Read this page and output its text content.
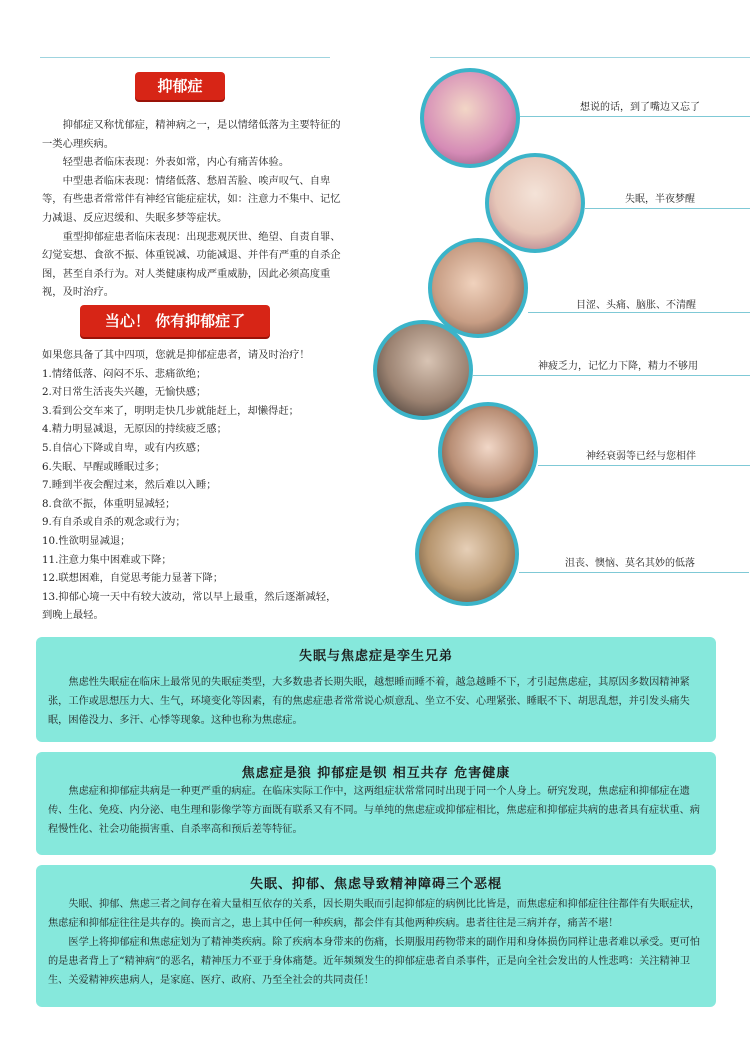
抑郁症

抑郁症又称忧郁症，精神病之一，是以情绪低落为主要特征的一类心理疾病。

轻型患者临床表现：外表如常，内心有痛苦体验。

中型患者临床表现：情绪低落、愁眉苦脸、唉声叹气、自卑等，有些患者常常伴有神经官能症症状，如：注意力不集中、记忆力减退、反应迟缓和、失眠多梦等症状。

重型抑郁症患者临床表现：出现悲观厌世、绝望、自责自罪、幻觉妄想、食欲不振、体重锐减、功能减退、并伴有严重的自杀企图，甚至自杀行为。对人类健康构成严重威胁，因此必须高度重视，及时治疗。

当心！ 你有抑郁症了

如果您具备了其中四项，您就是抑郁症患者，请及时治疗！

1.情绪低落、闷闷不乐、悲痛欲绝；

2.对日常生活丧失兴趣，无愉快感；

3.看到公交车来了，明明走快几步就能赶上，却懒得赶；

4.精力明显减退，无原因的持续疲乏感；

5.自信心下降或自卑，或有内疚感；

6.失眠、早醒或睡眠过多；

7.睡到半夜会醒过来，然后难以入睡；

8.食欲不振，体重明显减轻；

9.有自杀或自杀的观念或行为；

10.性欲明显减退；

11.注意力集中困难或下降；

12.联想困难，自觉思考能力显著下降；

13.抑郁心境一天中有较大波动，常以早上最重，然后逐渐减轻，到晚上最轻。

想说的话，到了嘴边又忘了
失眠，半夜梦醒
目涩、头痛、脑胀、不清醒
神疲乏力，记忆力下降，精力不够用
神经衰弱等已经与您相伴
沮丧、懊恼、莫名其妙的低落
失眠与焦虑症是孪生兄弟

焦虑性失眠症在临床上最常见的失眠症类型，大多数患者长期失眠，越想睡而睡不着，越急越睡不下，才引起焦虑症，其原因多数因精神紧张，工作或思想压力大、生气，环境变化等因素，有的焦虑症患者常常说心烦意乱、坐立不安、心理紧张、睡眠不下、胡思乱想，并引发头痛失眠，困倦没力、多汗、心悸等现象。这种也称为焦虑症。

焦虑症是狼 抑郁症是钡 相互共存 危害健康

焦虑症和抑郁症共病是一种更严重的病症。在临床实际工作中，这两组症状常常同时出现于同一个人身上。研究发现，焦虑症和抑郁症在遗传、生化、免疫、内分泌、电生理和影像学等方面既有联系又有不同。与单纯的焦虑症或抑郁症相比，焦虑症和抑郁症共病的患者具有症状重、病程慢性化、社会功能损害重、自杀率高和预后差等特征。

失眠、抑郁、焦虑导致精神障碍三个恶棍

失眠、抑郁、焦虑三者之间存在着大量相互依存的关系，因长期失眠而引起抑郁症的病例比比皆是，而焦虑症和抑郁症往往都伴有失眠症状，焦虑症和抑郁症往往是共存的。换而言之，患上其中任何一种疾病，都会伴有其他两种疾病。患者往往是三病并存，痛苦不堪！

医学上将抑郁症和焦虑症划为了精神类疾病。除了疾病本身带来的伤痛，长期服用药物带来的副作用和身体损伤同样让患者难以承受。更可怕的是患者背上了“精神病”的恶名，精神压力不亚于身体痛楚。近年频频发生的抑郁症患者自杀事件，正是向全社会发出的人性悲鸣：关注精神卫生、关爱精神疾患病人，是家庭、医疗、政府、乃至全社会的共同责任！
